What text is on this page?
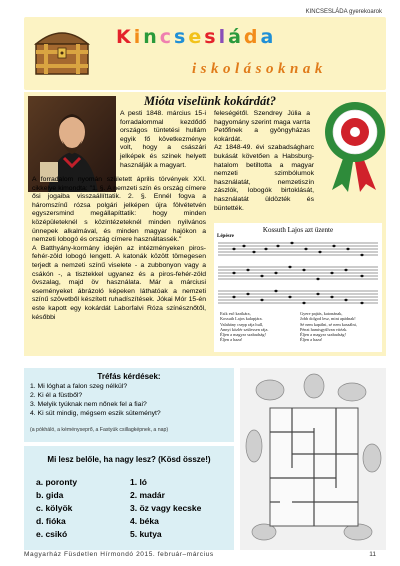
KINCSESLÁDA gyerekoarok
Kincsesláda
iskolásoknak
Mióta viselünk kokárdát?
A pesti 1848. március 15-i forradalommal kezdődő országos tüntetési hullám egyik fő következménye volt, hogy a császári jelképek és színek helyett használják a magyart.
A forradalom nyomán született április törvények XXI. cikkelye kimondta: "1. §. A nemzeti szín és ország címere ősi jogaiba visszaállíttatik. 2. §. Ennél fogva a háromszínű rózsa polgári jelképen újra fölvétetvén egyszersmind megállapíttatik: hogy minden középületeknél s közintézeteknél minden nyilvános ünnepek alkalmával, és minden magyar hajókon a nemzeti lobogó és ország címere használtassék."
A Batthyány-kormány idején az intézményeken piros-fehér-zöld lobogó lengett. A katonák között tömegesen terjedt a nemzeti színű viselete - a zubbonyon vagy a csákón -, a tisztekkel ugyanez és a piros-fehér-zöld övszalag, majd öv használata. Már a márciusi eseményeket ábrázoló képeken láthatóak a nemzeti színű szövetből készített ruhadíszítések. Jókai Mór 15-én este kapott egy kokárdát Laborfalvi Róza színésznőtől, későbbi
feleségétől. Szendrey Júlia a hagyomány szerint maga varrta Petőfinek a gyöngyházas kokárdát.
Az 1848-49. évi szabadságharc bukását követően a Habsburg-hatalom betiltotta a magyar nemzeti szimbólumok használatát, nemzetiszín zászlók, lobogók birtoklását, használatát üldözték és büntették.
Kossuth Lajos azt üzente
Lépésre
Esik eső karikára,
Kossuth Lajos kalapjára.
Valahány csepp rája hull,
Annyi közlér szülessen rája.
Éljen a magyar szabadság!
Éljen a haza!
Gyere pajtás, katonának,
Jobb dolgod lesz, mint apádnak!
Sé nem kapálni, sé nem kaszálni,
Pénzt hamisgyűlvan vitézk.
Éljen a magyar szabadság!
Éljen a haza!
Tréfás kérdések:
1. Mi lóghat a falon szeg nélkül?
2. Ki él a füstből?
3. Melyik tyúknak nem nőnek fel a fiai?
4. Ki süt mindig, mégsem eszik süteményt?
(a pókháló, a kéményseprő, a Fastyúk csillagképnek, a nap)
Mi lesz belőle, ha nagy lesz? (Kösd össze!)
a. poronty
b. gida
c. kölyök
d. fióka
e. csikó
1. ló
2. madár
3. öz vagy kecske
4. béka
5. kutya
Magyarház Füsdetlen Hírmondó 2015. február–március	11
